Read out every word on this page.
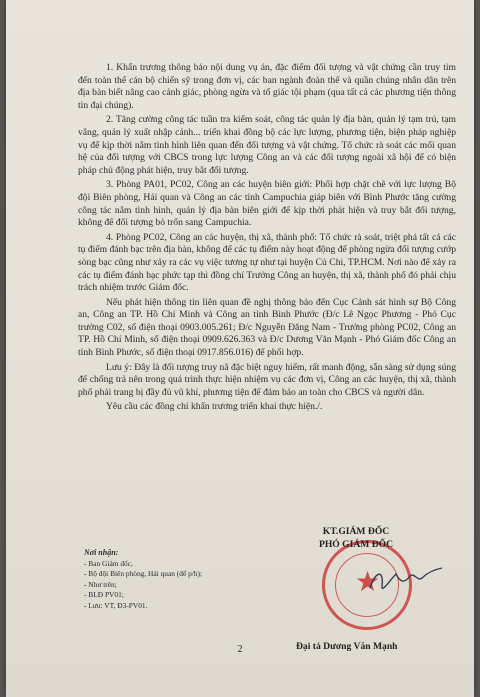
1. Khẩn trương thông báo nội dung vụ án, đặc điểm đối tượng và vật chứng cần truy tìm đến toàn thể cán bộ chiến sỹ trong đơn vị, các ban ngành đoàn thể và quần chúng nhân dân trên địa bàn biết nâng cao cảnh giác, phòng ngừa và tố giác tội phạm (qua tất cả các phương tiện thông tin đại chúng).

2. Tăng cường công tác tuần tra kiểm soát, công tác quản lý địa bàn, quản lý tạm trú, tạm vắng, quản lý xuất nhập cảnh... triển khai đồng bộ các lực lượng, phương tiện, biện pháp nghiệp vụ để kịp thời nắm tình hình liên quan đến đối tượng và vật chứng. Tổ chức rà soát các mối quan hệ của đối tượng với CBCS trong lực lượng Công an và các đối tượng ngoài xã hội để có biện pháp chủ động phát hiện, truy bắt đối tượng.

3. Phòng PA01, PC02, Công an các huyện biên giới: Phối hợp chặt chẽ với lực lượng Bộ đội Biên phòng, Hải quan và Công an các tỉnh Campuchia giáp biên với Bình Phước tăng cường công tác nắm tình hình, quản lý địa bàn biên giới để kịp thời phát hiện và truy bắt đối tượng, không để đối tượng bỏ trốn sang Campuchia.

4. Phòng PC02, Công an các huyện, thị xã, thành phố: Tổ chức rà soát, triệt phá tất cả các tụ điểm đánh bạc trên địa bàn, không để các tụ điểm này hoạt động để phòng ngừa đối tượng cướp sòng bạc cũng như xảy ra các vụ việc tương tự như tại huyện Củ Chi, TP.HCM. Nơi nào để xảy ra các tụ điểm đánh bạc phức tạp thì đồng chí Trưởng Công an huyện, thị xã, thành phố đó phải chịu trách nhiệm trước Giám đốc.

Nếu phát hiện thông tin liên quan đề nghị thông báo đến Cục Cảnh sát hình sự Bộ Công an, Công an TP. Hồ Chí Minh và Công an tỉnh Bình Phước (Đ/c Lê Ngọc Phương - Phó Cục trưởng C02, số điện thoại 0903.005.261; Đ/c Nguyễn Đăng Nam - Trưởng phòng PC02, Công an TP. Hồ Chí Minh, số điện thoại 0909.626.363 và Đ/c Dương Văn Mạnh - Phó Giám đốc Công an tỉnh Bình Phước, số điện thoại 0917.856.016) để phối hợp.

Lưu ý: Đây là đối tượng truy nã đặc biệt nguy hiểm, rất manh động, sẵn sàng sử dụng súng để chống trả nên trong quá trình thực hiện nhiệm vụ các đơn vị, Công an các huyện, thị xã, thành phố phải trang bị đầy đủ vũ khí, phương tiện để đảm bảo an toàn cho CBCS và người dân.

Yêu cầu các đồng chí khẩn trương triển khai thực hiện./.

Nơi nhận:
- Ban Giám đốc,
- Bộ đội Biên phòng, Hải quan (để p/h);
- Như trên;
- BLĐ PV01;
- Lưu: VT, Đ3-PV01.
★
KT.GIÁM ĐỐC
PHÓ GIÁM ĐỐC
Đại tá Dương Văn Mạnh
2
